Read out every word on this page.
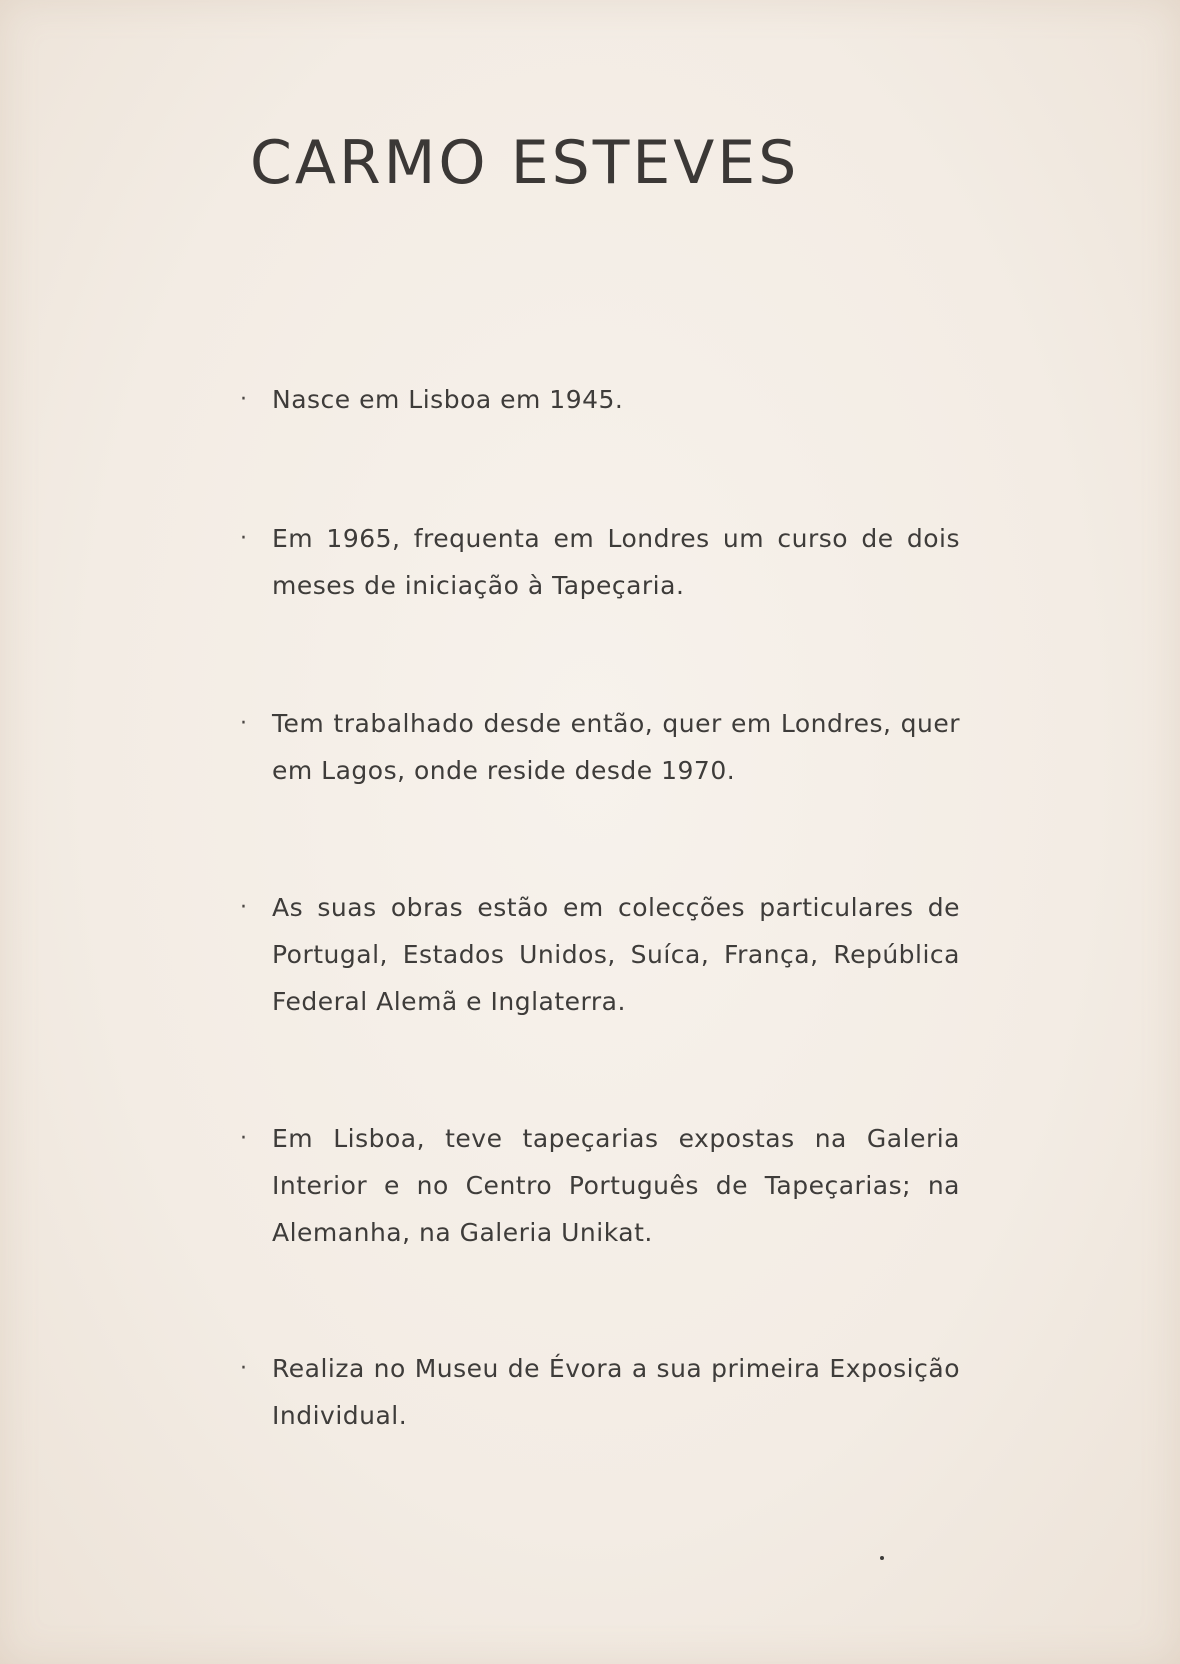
CARMO ESTEVES
· Nasce em Lisboa em 1945.
· Em 1965, frequenta em Londres um curso de dois meses de iniciação à Tapeçaria.
· Tem trabalhado desde então, quer em Londres, quer em Lagos, onde reside desde 1970.
· As suas obras estão em colecções particulares de Portugal, Estados Unidos, Suíca, França, República Federal Alemã e Inglaterra.
· Em Lisboa, teve tapeçarias expostas na Galeria Interior e no Centro Português de Tapeçarias; na Alemanha, na Galeria Unikat.
· Realiza no Museu de Évora a sua primeira Exposição Individual.
